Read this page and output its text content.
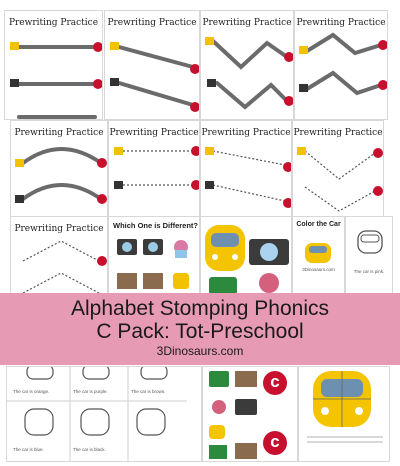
Prewriting Practice	Prewriting Practice Prewriting Practice Prewriting Practice
Prewriting Practice Prewriting Practice Prewriting Practice Prewriting Practice
Prewriting Practice	Which One is Different?	Color the Car
3Dinosaurs.com	The car is pink.
Alphabet Stomping Phonics
C Pack: Tot-Preschool
3Dinosaurs.com
The car is orange.	The car is purple.	The car is brown.
The car is blue.	The car is black.
c
c
